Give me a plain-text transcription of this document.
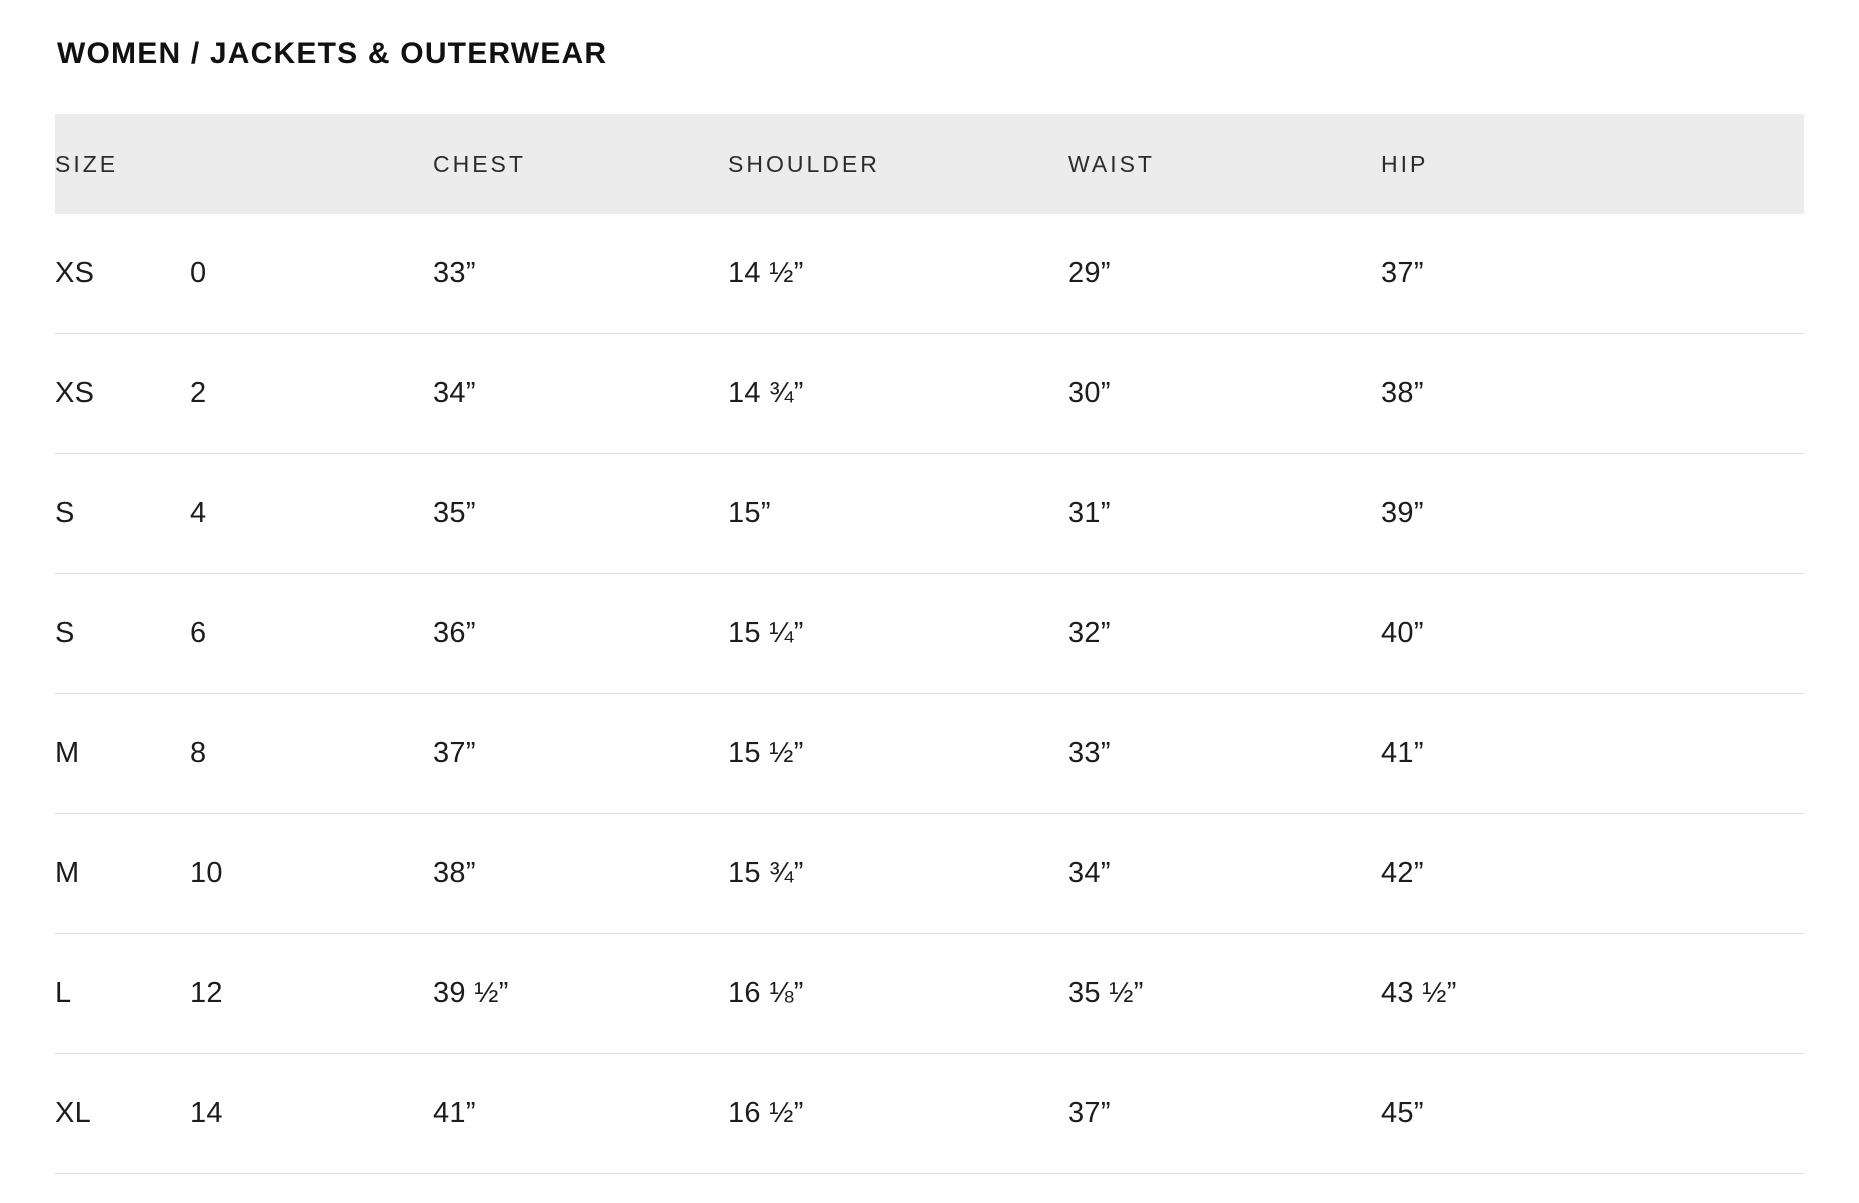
WOMEN / JACKETS & OUTERWEAR
SIZE		CHEST	SHOULDER	WAIST	HIP
XS	0	33”	14 ½”	29”	37”
XS	2	34”	14 ¾”	30”	38”
S	4	35”	15”	31”	39”
S	6	36”	15 ¼”	32”	40”
M	8	37”	15 ½”	33”	41”
M	10	38”	15 ¾”	34”	42”
L	12	39 ½”	16 ⅛”	35 ½”	43 ½”
XL	14	41”	16 ½”	37”	45”
